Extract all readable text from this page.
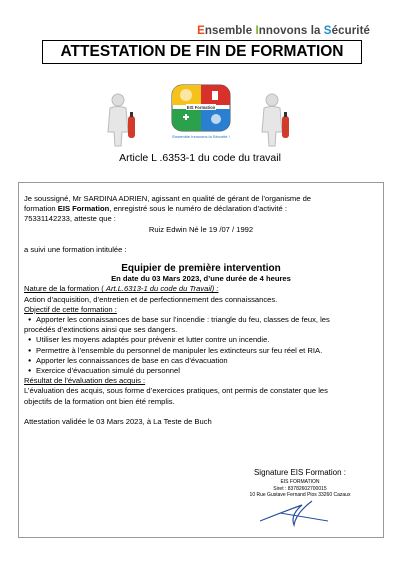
Ensemble Innovons la Sécurité
ATTESTATION DE FIN DE FORMATION
EIS Formation
Ensemble Innovons la Sécurité !
Article L .6353-1 du code du travail

Je soussigné, Mr SARDINA ADRIEN, agissant en qualité de gérant de l’organisme de

formation EIS Formation, enregistré sous le numéro de déclaration d’activité :

75331142233, atteste que :

Ruiz Edwin Né le 19 /07 / 1992

a suivi une formation intitulée :

Equipier de première intervention

En date du 03 Mars 2023, d’une durée de 4 heures

Nature de la formation ( Art.L.6313-1 du code du Travail) :

Action d’acquisition, d’entretien et de perfectionnement des connaissances.

Objectif de cette formation :

● Apporter les connaissances de base sur l’incendie : triangle du feu, classes de feux, les

procédés d’extinctions ainsi que ses dangers.

● Utiliser les moyens adaptés pour prévenir et lutter contre un incendie.

● Permettre à l’ensemble du personnel de manipuler les extincteurs sur feu réel et RIA.

● Apporter les connaissances de base en cas d’évacuation

● Exercice d’évacuation simulé du personnel

Résultat de l’évaluation des acquis :

L’évaluation des acquis, sous forme d’exercices pratiques, ont permis de constater que les

objectifs de la formation ont bien été remplis.

Attestation validée le 03 Mars 2023, à La Teste de Buch

Signature EIS Formation :
EIS FORMATION
Siret : 83782602700015
10 Rue Gustave Fernand Pios 33260 Cazaux
